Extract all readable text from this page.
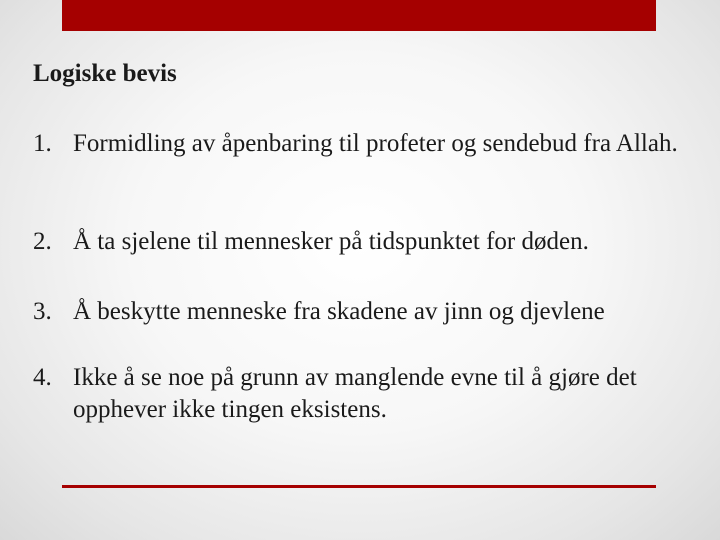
Logiske bevis
1. Formidling av åpenbaring til profeter og sendebud fra Allah.
2. Å ta sjelene til mennesker på tidspunktet for døden.
3. Å beskytte menneske fra skadene av jinn og djevlene
4. Ikke å se noe på grunn av manglende evne til å gjøre det opphever ikke tingen eksistens.
